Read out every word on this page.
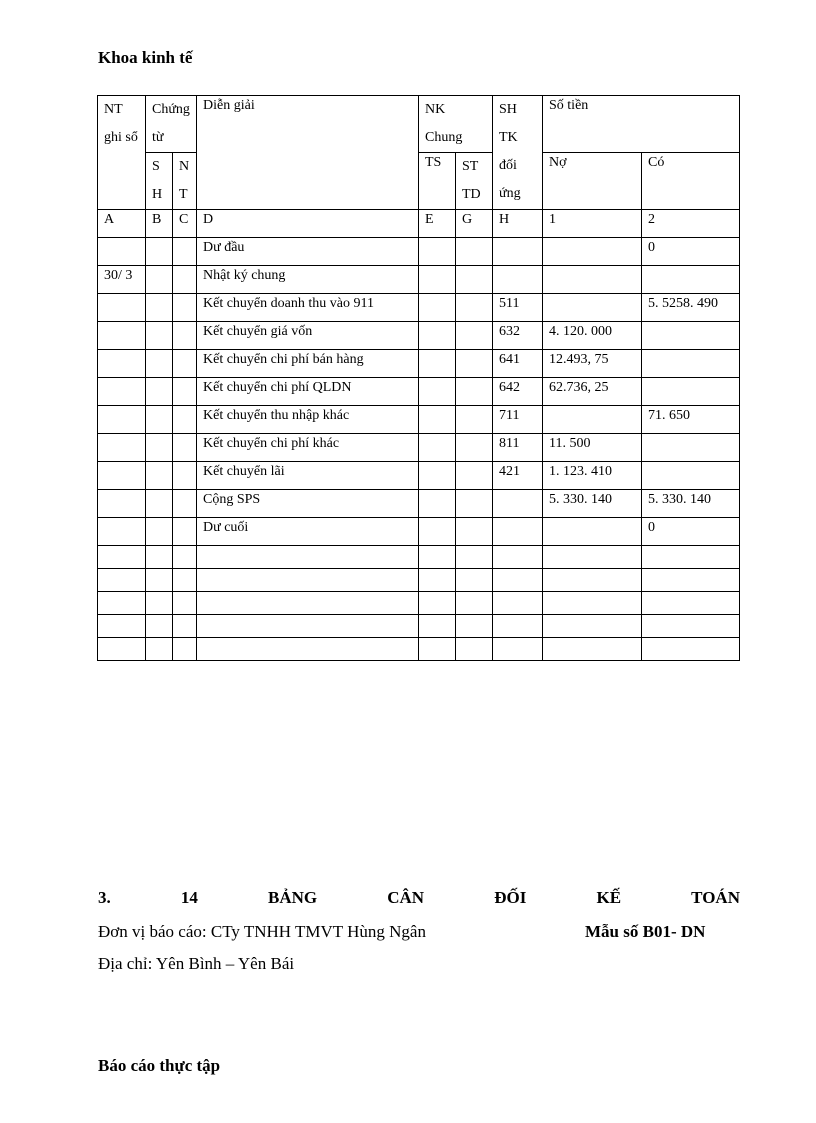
Khoa kinh tế
NT ghi sổ	Chứng từ		Diễn giải	NK Chung		SH TK đối ứng	Số tiền	
	S H	N T		TS	ST TD		Nợ	Có
A	B	C	D	E	G	H	1	2
			Dư đầu					0
30/ 3			Nhật ký chung					
			Kết chuyển doanh thu vào 911			511		5. 5258. 490
			Kết chuyển giá vốn			632	4. 120. 000	
			Kết chuyển chi phí bán hàng			641	12.493, 75	
			Kết chuyển chi phí QLDN			642	62.736, 25	
			Kết chuyển thu nhập khác			711		71. 650
			Kết chuyển chi phí khác			811	11. 500	
			Kết chuyển lãi			421	1. 123. 410	
			Cộng SPS				5. 330. 140	5. 330. 140
			Dư cuối					0

3.	14	BẢNG	CÂN	ĐỐI	KẾ	TOÁN
Đơn vị báo cáo: CTy TNHH TMVT Hùng Ngân	Mẫu số B01- DN
Địa chỉ: Yên Bình – Yên Bái
Báo cáo thực tập
